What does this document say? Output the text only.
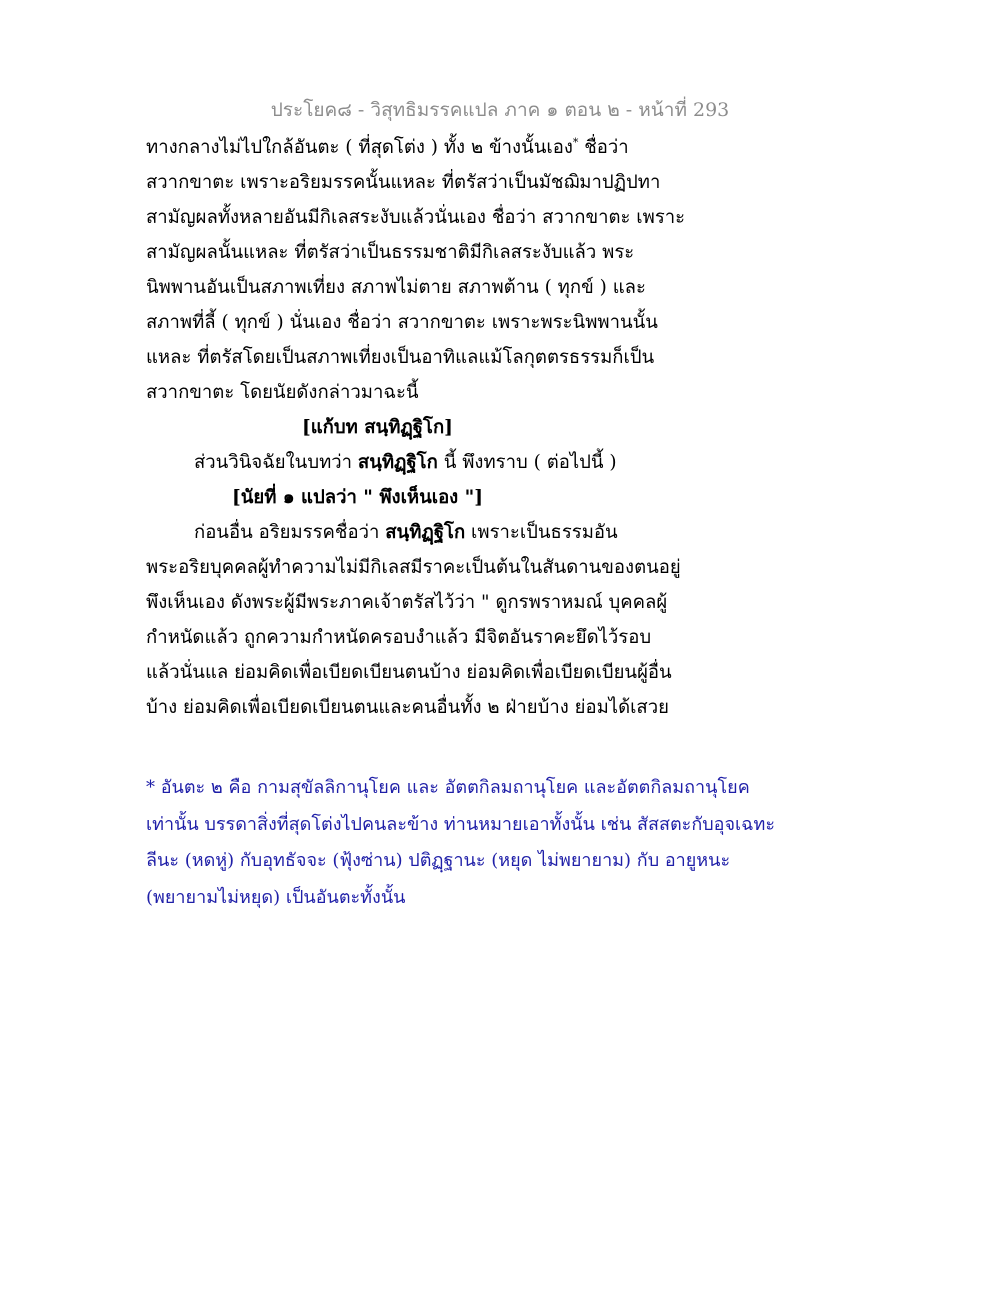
ประโยค๘ - วิสุทธิมรรคแปล ภาค ๑ ตอน ๒ - หน้าที่ 293
ทางกลางไม่ไปใกล้อันตะ ( ที่สุดโต่ง ) ทั้ง ๒ ข้างนั้นเอง* ชื่อว่า
สวากขาตะ เพราะอริยมรรคนั้นแหละ ที่ตรัสว่าเป็นมัชฌิมาปฏิปทา
สามัญผลทั้งหลายอันมีกิเลสระงับแล้วนั่นเอง ชื่อว่า สวากขาตะ เพราะ
สามัญผลนั้นแหละ ที่ตรัสว่าเป็นธรรมชาติมีกิเลสระงับแล้ว พระ
นิพพานอันเป็นสภาพเที่ยง สภาพไม่ตาย สภาพต้าน ( ทุกข์ ) และ
สภาพที่ลี้ ( ทุกข์ ) นั่นเอง ชื่อว่า สวากขาตะ เพราะพระนิพพานนั้น
แหละ ที่ตรัสโดยเป็นสภาพเที่ยงเป็นอาทิแลแม้โลกุตตรธรรมก็เป็น
สวากขาตะ โดยนัยดังกล่าวมาฉะนี้
[แก้บท สนฺทิฏฺฐิโก]
ส่วนวินิจฉัยในบทว่า สนฺทิฏฺฐิโก นี้ พึงทราบ ( ต่อไปนี้ )
[นัยที่ ๑ แปลว่า " พึงเห็นเอง "]
ก่อนอื่น อริยมรรคชื่อว่า สนฺทิฏฺฐิโก เพราะเป็นธรรมอัน
พระอริยบุคคลผู้ทำความไม่มีกิเลสมีราคะเป็นต้นในสันดานของตนอยู่
พึงเห็นเอง ดังพระผู้มีพระภาคเจ้าตรัสไว้ว่า " ดูกรพราหมณ์ บุคคลผู้
กำหนัดแล้ว ถูกความกำหนัดครอบงำแล้ว มีจิตอันราคะยึดไว้รอบ
แล้วนั่นแล ย่อมคิดเพื่อเบียดเบียนตนบ้าง ย่อมคิดเพื่อเบียดเบียนผู้อื่น
บ้าง ย่อมคิดเพื่อเบียดเบียนตนและคนอื่นทั้ง ๒ ฝ่ายบ้าง ย่อมได้เสวย
* อันตะ ๒ คือ กามสุขัลลิกานุโยค และ อัตตกิลมถานุโยค และอัตตกิลมถานุโยค
เท่านั้น บรรดาสิ่งที่สุดโต่งไปคนละข้าง ท่านหมายเอาทั้งนั้น เช่น สัสสตะกับอุจเฉทะ
ลีนะ (หดหู่) กับอุทธัจจะ (ฟุ้งซ่าน) ปติฏฺฐานะ (หยุด ไม่พยายาม) กับ อายูหนะ
(พยายามไม่หยุด) เป็นอันตะทั้งนั้น
